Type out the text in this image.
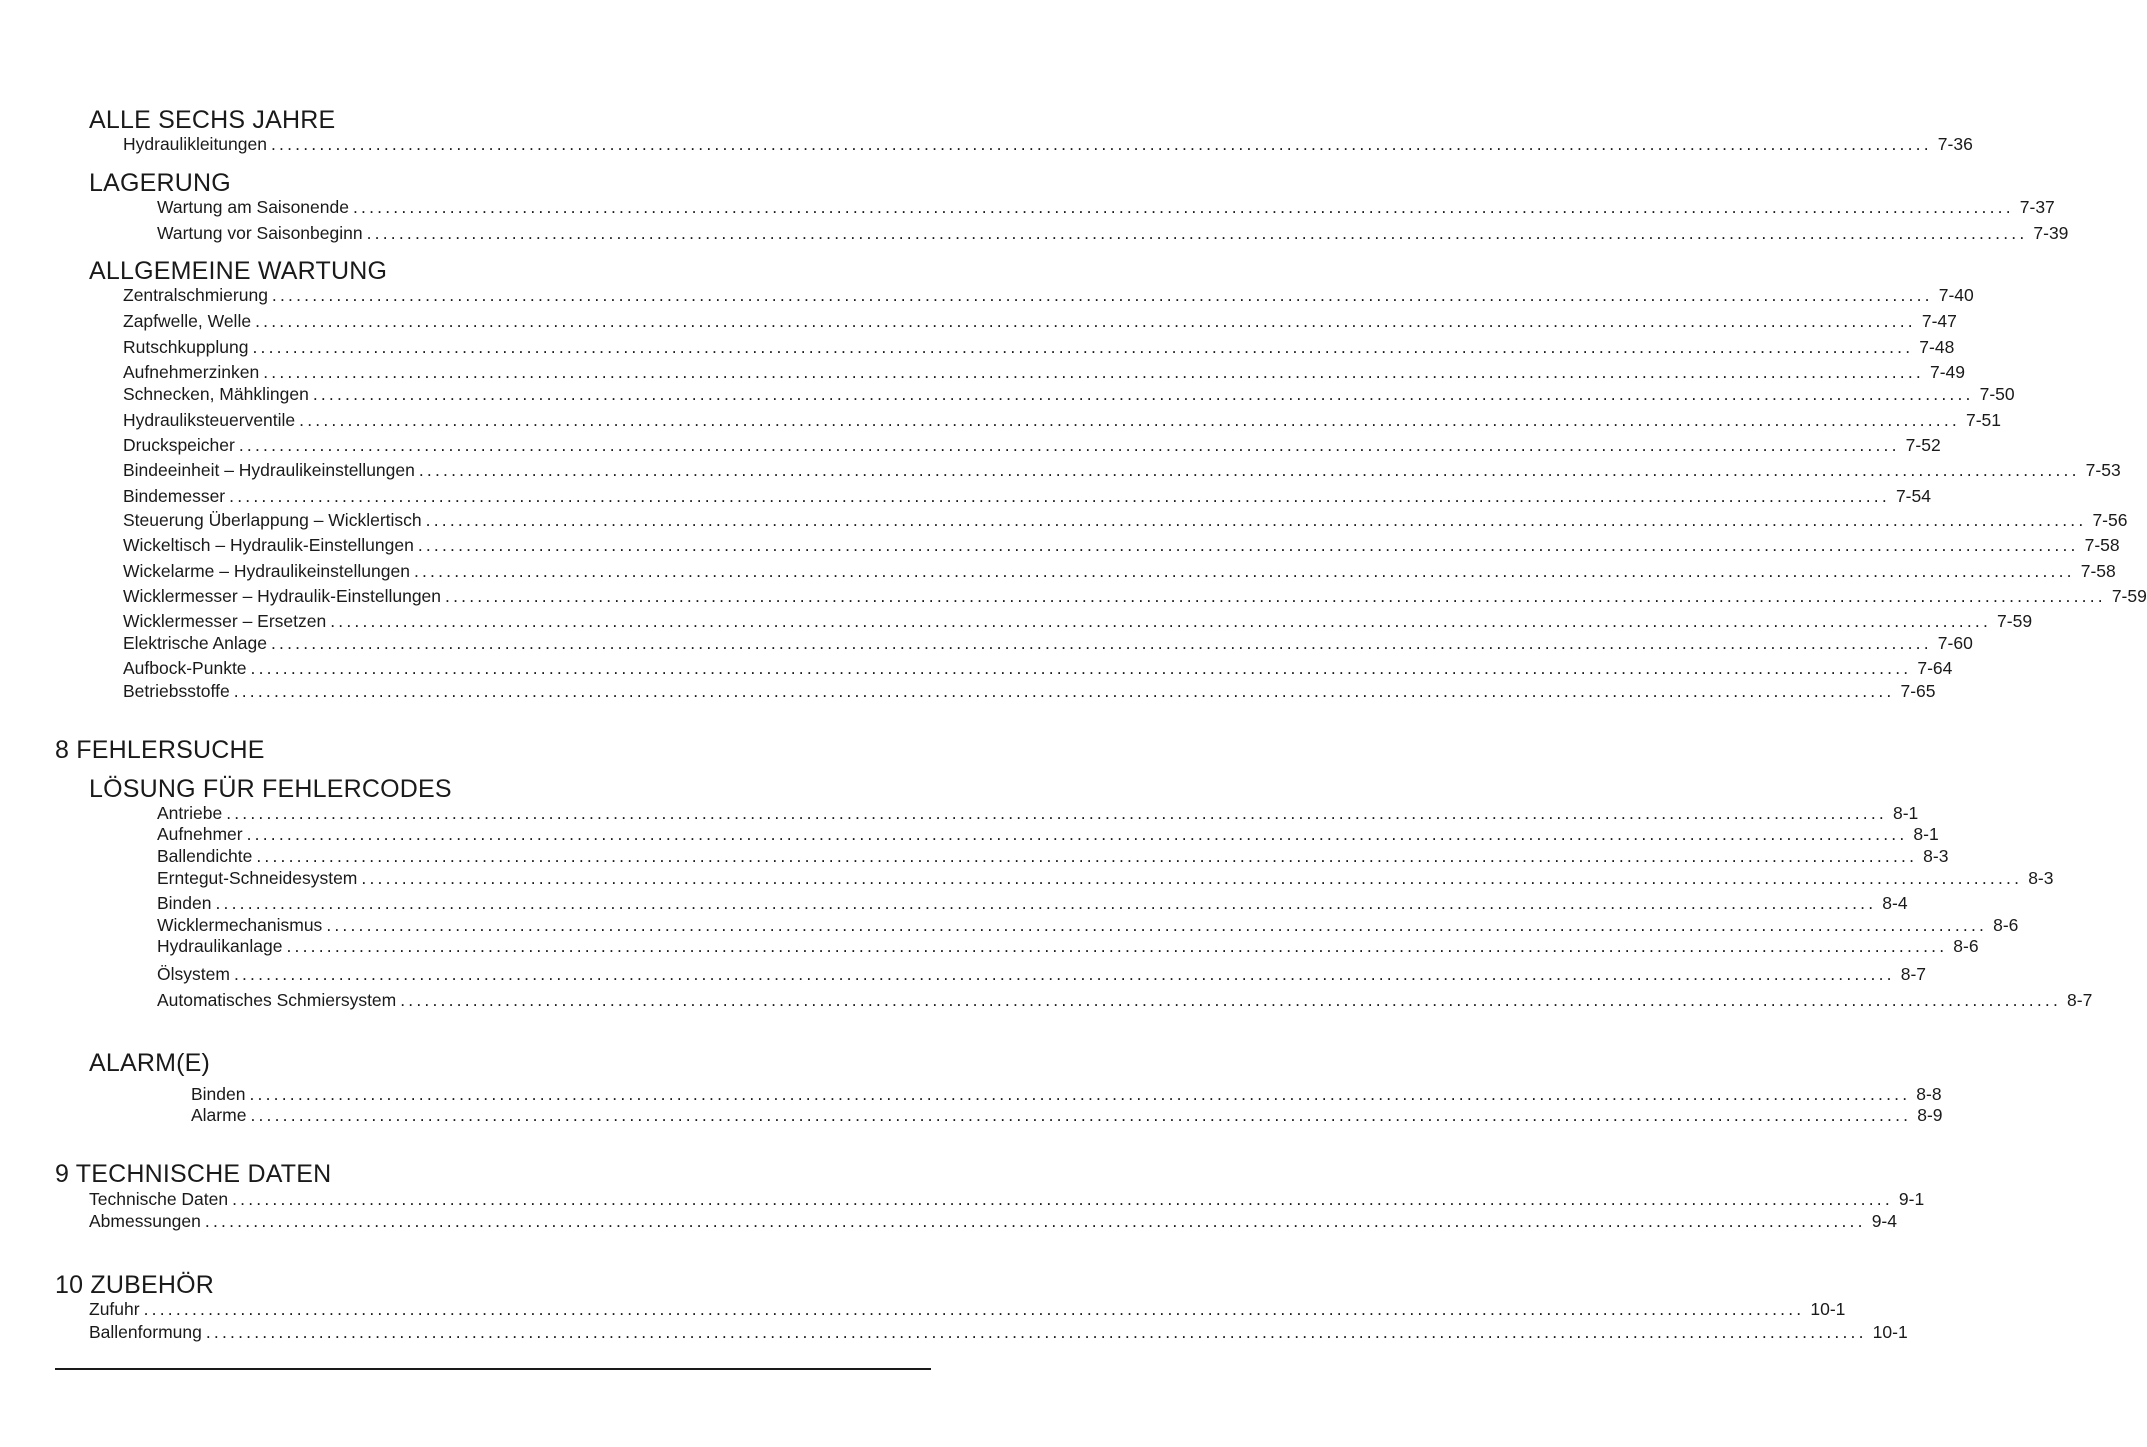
ALLE SECHS JAHRE
Hydraulikleitungen .............................................................................................................................................................................................................. 7-36
LAGERUNG
Wartung am Saisonende .............................................................................................................................................................................................................. 7-37
Wartung vor Saisonbeginn .............................................................................................................................................................................................................. 7-39
ALLGEMEINE WARTUNG
Zentralschmierung .............................................................................................................................................................................................................. 7-40
Zapfwelle, Welle .............................................................................................................................................................................................................. 7-47
Rutschkupplung .............................................................................................................................................................................................................. 7-48
Aufnehmerzinken .............................................................................................................................................................................................................. 7-49
Schnecken, Mähklingen .............................................................................................................................................................................................................. 7-50
Hydrauliksteuerventile .............................................................................................................................................................................................................. 7-51
Druckspeicher .............................................................................................................................................................................................................. 7-52
Bindeeinheit – Hydraulikeinstellungen .............................................................................................................................................................................................................. 7-53
Bindemesser .............................................................................................................................................................................................................. 7-54
Steuerung Überlappung – Wicklertisch .............................................................................................................................................................................................................. 7-56
Wickeltisch – Hydraulik-Einstellungen .............................................................................................................................................................................................................. 7-58
Wickelarme – Hydraulikeinstellungen .............................................................................................................................................................................................................. 7-58
Wicklermesser – Hydraulik-Einstellungen .............................................................................................................................................................................................................. 7-59
Wicklermesser – Ersetzen .............................................................................................................................................................................................................. 7-59
Elektrische Anlage .............................................................................................................................................................................................................. 7-60
Aufbock-Punkte .............................................................................................................................................................................................................. 7-64
Betriebsstoffe .............................................................................................................................................................................................................. 7-65
8 FEHLERSUCHE
LÖSUNG FÜR FEHLERCODES
Antriebe .............................................................................................................................................................................................................. 8-1
Aufnehmer .............................................................................................................................................................................................................. 8-1
Ballendichte .............................................................................................................................................................................................................. 8-3
Erntegut-Schneidesystem .............................................................................................................................................................................................................. 8-3
Binden .............................................................................................................................................................................................................. 8-4
Wicklermechanismus .............................................................................................................................................................................................................. 8-6
Hydraulikanlage .............................................................................................................................................................................................................. 8-6
Ölsystem .............................................................................................................................................................................................................. 8-7
Automatisches Schmiersystem .............................................................................................................................................................................................................. 8-7
ALARM(E)
Binden .............................................................................................................................................................................................................. 8-8
Alarme .............................................................................................................................................................................................................. 8-9
9 TECHNISCHE DATEN
Technische Daten .............................................................................................................................................................................................................. 9-1
Abmessungen .............................................................................................................................................................................................................. 9-4
10 ZUBEHÖR
Zufuhr .............................................................................................................................................................................................................. 10-1
Ballenformung .............................................................................................................................................................................................................. 10-1
